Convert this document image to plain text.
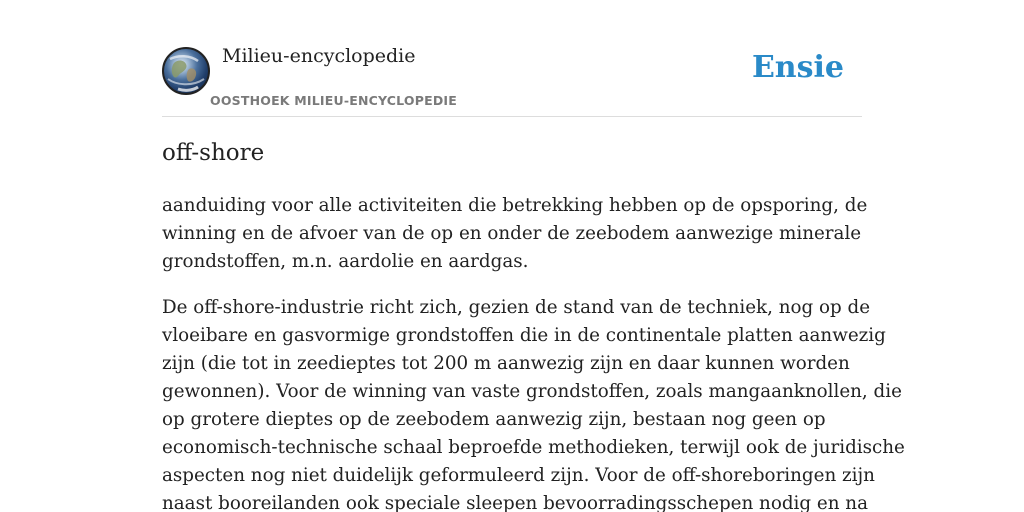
Milieu-encyclopedie
OOSTHOEK MILIEU-ENCYCLOPEDIE
Ensie
off-shore

aanduiding voor alle activiteiten die betrekking hebben op de opsporing, de
winning en de afvoer van de op en onder de zeebodem aanwezige minerale
grondstoffen, m.n. aardolie en aardgas.

De off-shore-industrie richt zich, gezien de stand van de techniek, nog op de
vloeibare en gasvormige grondstoffen die in de continentale platten aanwezig
zijn (die tot in zeedieptes tot 200 m aanwezig zijn en daar kunnen worden
gewonnen). Voor de winning van vaste grondstoffen, zoals mangaanknollen, die
op grotere dieptes op de zeebodem aanwezig zijn, bestaan nog geen op
economisch-technische schaal beproefde methodieken, terwijl ook de juridische
aspecten nog niet duidelijk geformuleerd zijn. Voor de off-shoreboringen zijn
naast booreilanden ook speciale sleepen bevoorradingsschepen nodig en na
